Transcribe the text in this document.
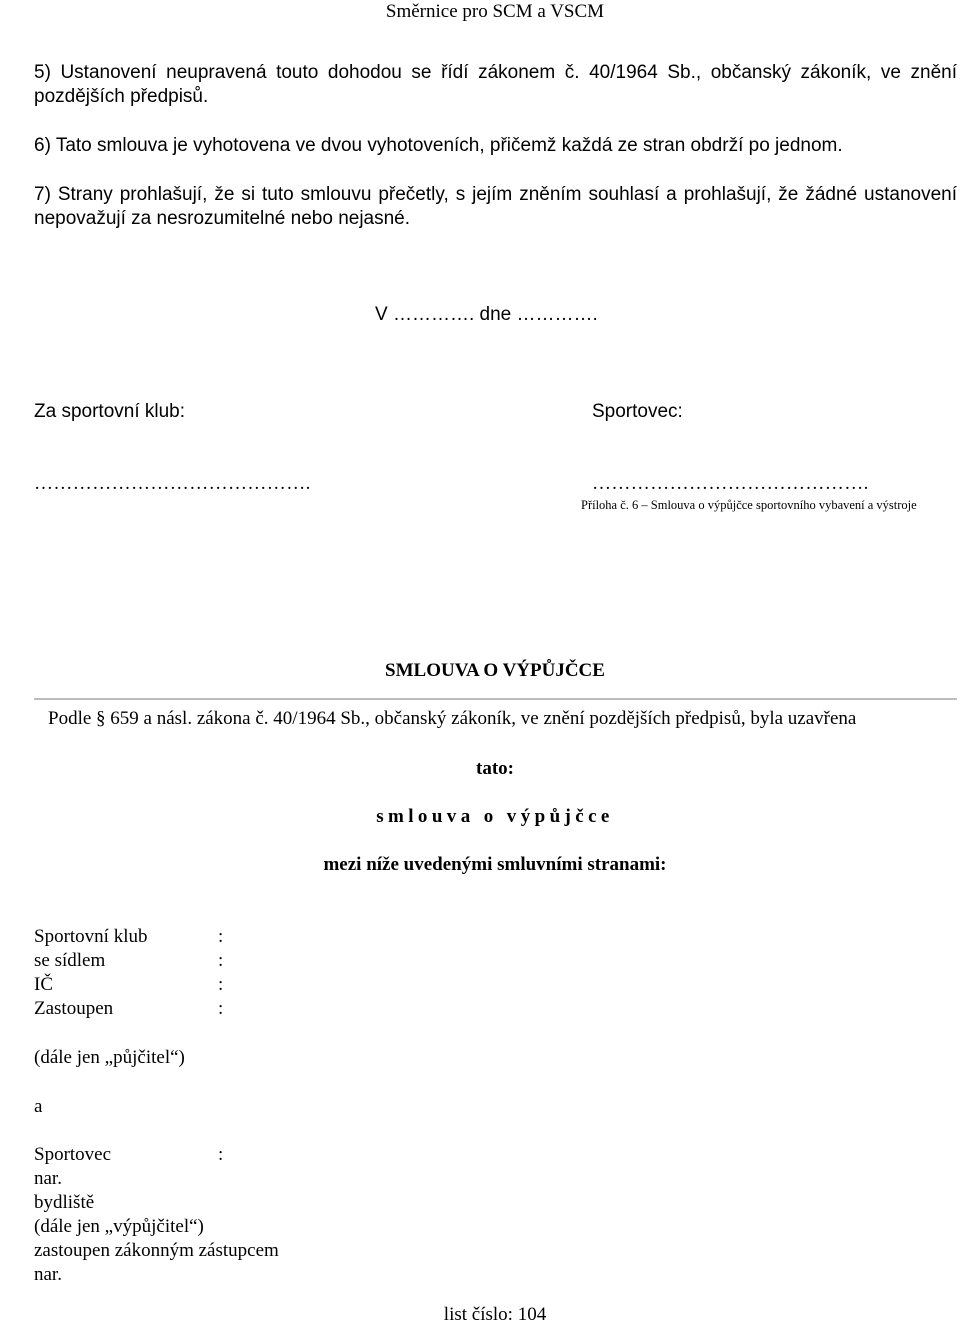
Směrnice pro SCM a VSCM
5) Ustanovení neupravená touto dohodou se řídí zákonem č. 40/1964 Sb., občanský zákoník, ve znění pozdějších předpisů.
6) Tato smlouva je vyhotovena ve dvou vyhotoveních, přičemž každá ze stran obdrží po jednom.
7) Strany prohlašují, že si tuto smlouvu přečetly, s jejím zněním souhlasí a prohlašují, že žádné ustanovení nepovažují za nesrozumitelné nebo nejasné.
V …………. dne ………….
Za sportovní klub:	Sportovec:
…………………………………….	…………………………………….
Příloha č. 6 – Smlouva o výpůjčce sportovního vybavení a výstroje
SMLOUVA O VÝPŮJČCE
Podle § 659 a násl. zákona č. 40/1964 Sb., občanský zákoník, ve znění pozdějších předpisů, byla uzavřena
tato:
smlouva o výpůjčce
mezi níže uvedenými smluvními stranami:
Sportovní klub	:
se sídlem	:
IČ	:
Zastoupen	:
(dále jen „půjčitel“)
a
Sportovec	:
nar.
bydliště
(dále jen „výpůjčitel“)
zastoupen zákonným zástupcem
nar.
list číslo: 104
